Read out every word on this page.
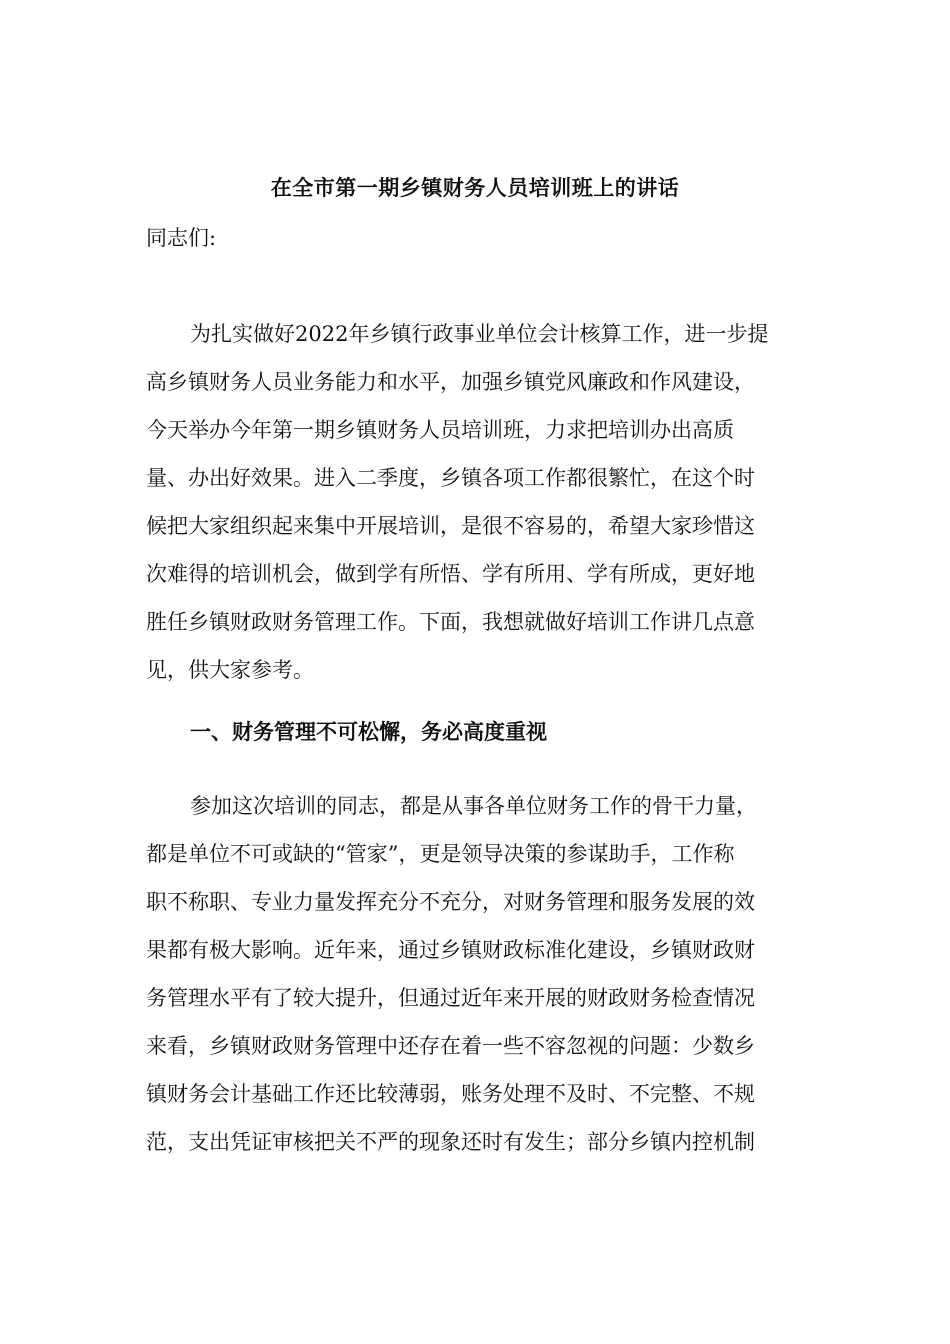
在全市第一期乡镇财务人员培训班上的讲话
同志们:
为扎实做好2022年乡镇行政事业单位会计核算工作，进一步提
高乡镇财务人员业务能力和水平，加强乡镇党风廉政和作风建设，
今天举办今年第一期乡镇财务人员培训班，力求把培训办出高质
量、办出好效果。进入二季度，乡镇各项工作都很繁忙，在这个时
候把大家组织起来集中开展培训，是很不容易的，希望大家珍惜这
次难得的培训机会，做到学有所悟、学有所用、学有所成，更好地
胜任乡镇财政财务管理工作。下面，我想就做好培训工作讲几点意
见，供大家参考。
一、财务管理不可松懈，务必高度重视
参加这次培训的同志，都是从事各单位财务工作的骨干力量，
都是单位不可或缺的“管家”，更是领导决策的参谋助手，工作称
职不称职、专业力量发挥充分不充分，对财务管理和服务发展的效
果都有极大影响。近年来，通过乡镇财政标准化建设，乡镇财政财
务管理水平有了较大提升，但通过近年来开展的财政财务检查情况
来看，乡镇财政财务管理中还存在着一些不容忽视的问题：少数乡
镇财务会计基础工作还比较薄弱，账务处理不及时、不完整、不规
范，支出凭证审核把关不严的现象还时有发生；部分乡镇内控机制
